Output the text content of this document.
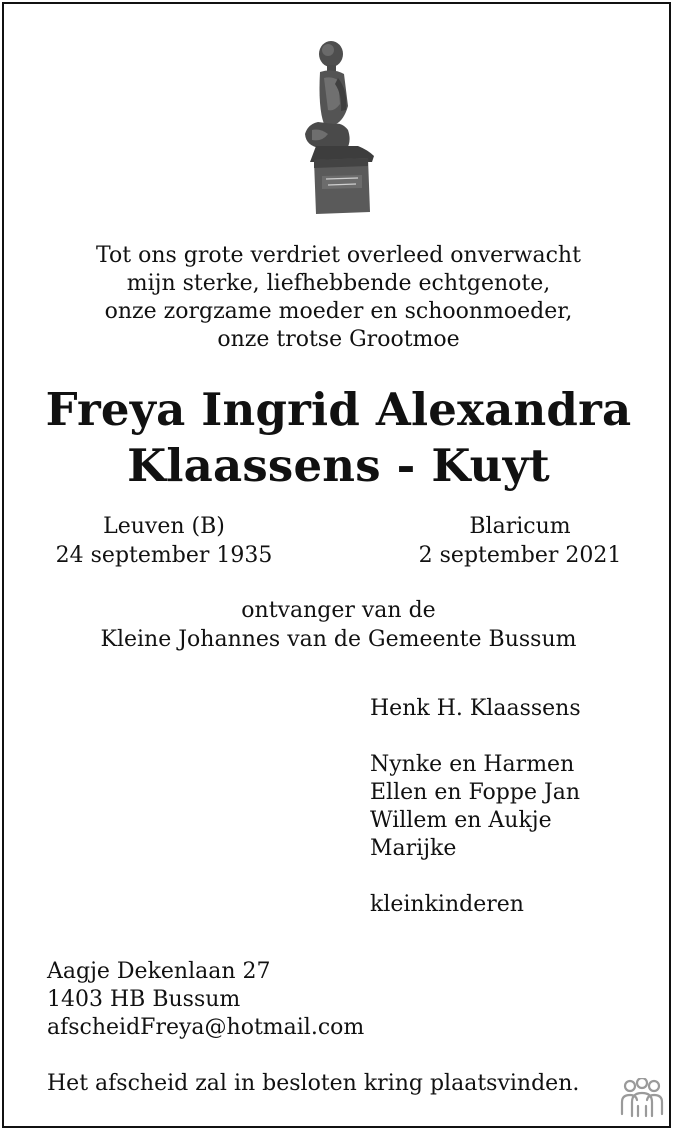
Tot ons grote verdriet overleed onverwacht
mijn sterke, liefhebbende echtgenote,
onze zorgzame moeder en schoonmoeder,
onze trotse Grootmoe
Freya Ingrid Alexandra
Klaassens - Kuyt
Leuven (B)
24 september 1935
Blaricum
2 september 2021
ontvanger van de
Kleine Johannes van de Gemeente Bussum
Henk H. Klaassens
Nynke en Harmen
Ellen en Foppe Jan
Willem en Aukje
Marijke
kleinkinderen
Aagje Dekenlaan 27
1403 HB Bussum
afscheidFreya@hotmail.com
Het afscheid zal in besloten kring plaatsvinden.
